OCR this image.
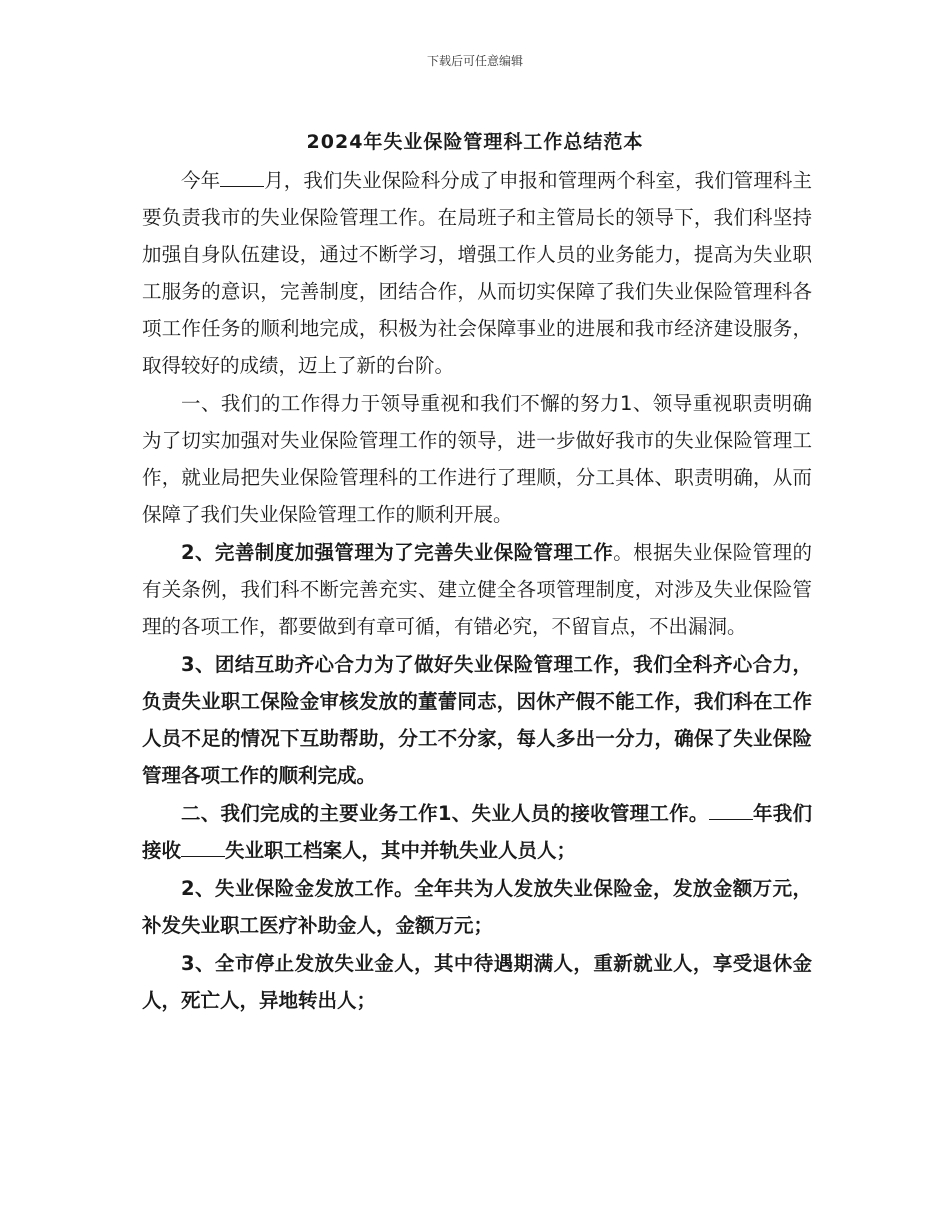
下载后可任意编辑
2024年失业保险管理科工作总结范本

今年 月，我们失业保险科分成了申报和管理两个科室，我们管理科主要负责我市的失业保险管理工作。在局班子和主管局长的领导下，我们科坚持加强自身队伍建设，通过不断学习，增强工作人员的业务能力，提高为失业职工服务的意识，完善制度，团结合作，从而切实保障了我们失业保险管理科各项工作任务的顺利地完成，积极为社会保障事业的进展和我市经济建设服务，取得较好的成绩，迈上了新的台阶。

一、我们的工作得力于领导重视和我们不懈的努力1、领导重视职责明确为了切实加强对失业保险管理工作的领导，进一步做好我市的失业保险管理工作，就业局把失业保险管理科的工作进行了理顺，分工具体、职责明确，从而保障了我们失业保险管理工作的顺利开展。

2、完善制度加强管理为了完善失业保险管理工作。根据失业保险管理的有关条例，我们科不断完善充实、建立健全各项管理制度，对涉及失业保险管理的各项工作，都要做到有章可循，有错必究，不留盲点，不出漏洞。

3、团结互助齐心合力为了做好失业保险管理工作，我们全科齐心合力，负责失业职工保险金审核发放的董蕾同志，因休产假不能工作，我们科在工作人员不足的情况下互助帮助，分工不分家，每人多出一分力，确保了失业保险管理各项工作的顺利完成。

二、我们完成的主要业务工作1、失业人员的接收管理工作。 年我们接收 失业职工档案人，其中并轨失业人员人；

2、失业保险金发放工作。全年共为人发放失业保险金，发放金额万元，补发失业职工医疗补助金人，金额万元；

3、全市停止发放失业金人，其中待遇期满人，重新就业人，享受退休金人，死亡人，异地转出人；
